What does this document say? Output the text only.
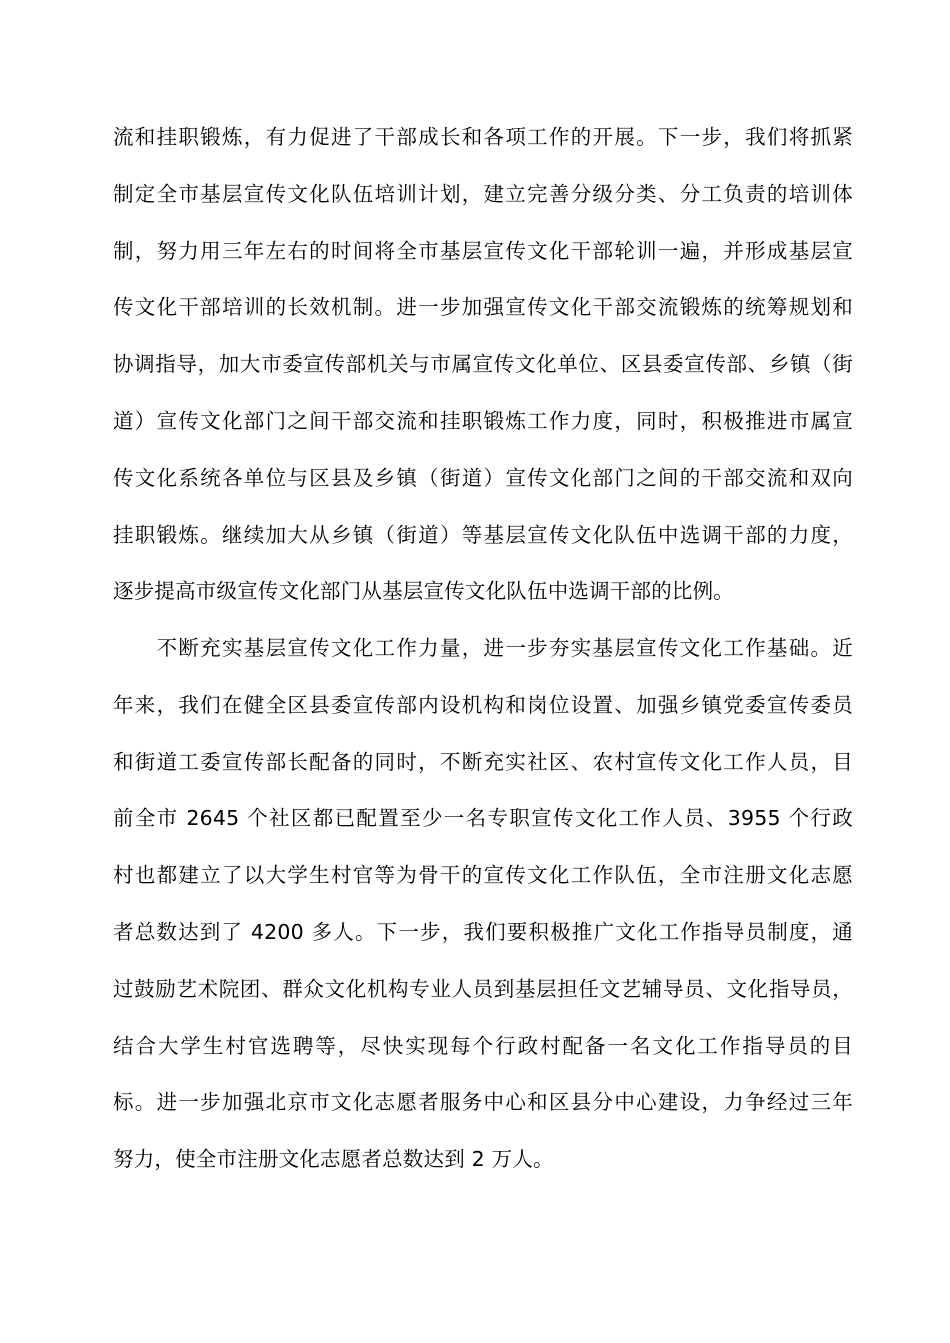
流和挂职锻炼，有力促进了干部成长和各项工作的开展。下一步，我们将抓紧
制定全市基层宣传文化队伍培训计划，建立完善分级分类、分工负责的培训体
制，努力用三年左右的时间将全市基层宣传文化干部轮训一遍，并形成基层宣
传文化干部培训的长效机制。进一步加强宣传文化干部交流锻炼的统筹规划和
协调指导，加大市委宣传部机关与市属宣传文化单位、区县委宣传部、乡镇（街
道）宣传文化部门之间干部交流和挂职锻炼工作力度，同时，积极推进市属宣
传文化系统各单位与区县及乡镇（街道）宣传文化部门之间的干部交流和双向
挂职锻炼。继续加大从乡镇（街道）等基层宣传文化队伍中选调干部的力度，
逐步提高市级宣传文化部门从基层宣传文化队伍中选调干部的比例。
　　不断充实基层宣传文化工作力量，进一步夯实基层宣传文化工作基础。近
年来，我们在健全区县委宣传部内设机构和岗位设置、加强乡镇党委宣传委员
和街道工委宣传部长配备的同时，不断充实社区、农村宣传文化工作人员，目
前全市 2645 个社区都已配置至少一名专职宣传文化工作人员、3955 个行政
村也都建立了以大学生村官等为骨干的宣传文化工作队伍，全市注册文化志愿
者总数达到了 4200 多人。下一步，我们要积极推广文化工作指导员制度，通
过鼓励艺术院团、群众文化机构专业人员到基层担任文艺辅导员、文化指导员，
结合大学生村官选聘等，尽快实现每个行政村配备一名文化工作指导员的目
标。进一步加强北京市文化志愿者服务中心和区县分中心建设，力争经过三年
努力，使全市注册文化志愿者总数达到 2 万人。
